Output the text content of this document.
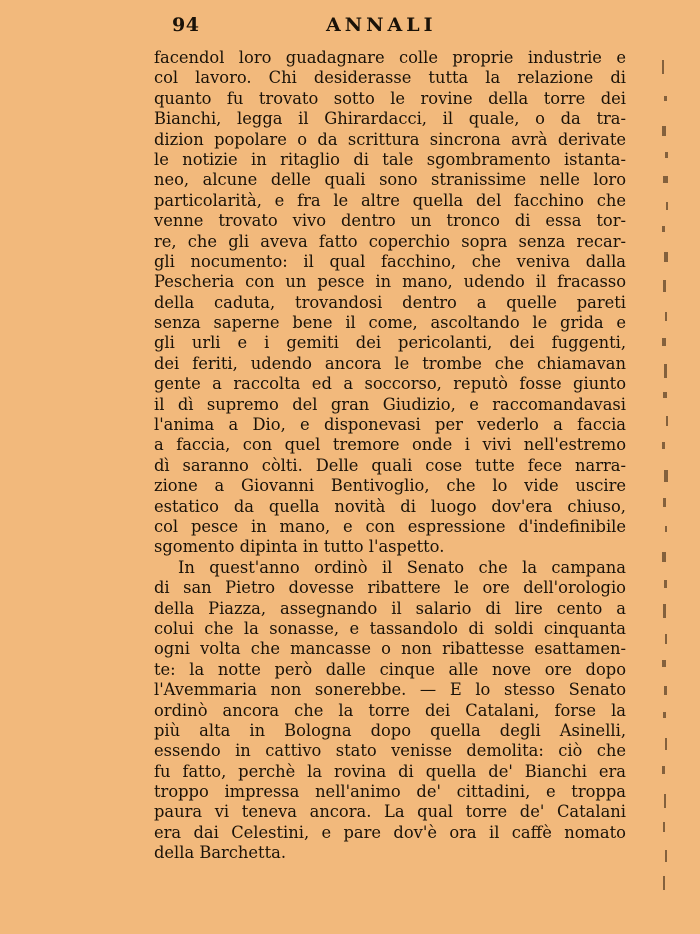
94	ANNALI
facendol loro guadagnare colle proprie industrie e
col lavoro. Chi desiderasse tutta la relazione di
quanto fu trovato sotto le rovine della torre dei
Bianchi, legga il Ghirardacci, il quale, o da tra-
dizion popolare o da scrittura sincrona avrà derivate
le notizie in ritaglio di tale sgombramento istanta-
neo, alcune delle quali sono stranissime nelle loro
particolarità, e fra le altre quella del facchino che
venne trovato vivo dentro un tronco di essa tor-
re, che gli aveva fatto coperchio sopra senza recar-
gli nocumento: il qual facchino, che veniva dalla
Pescheria con un pesce in mano, udendo il fracasso
della caduta, trovandosi dentro a quelle pareti
senza saperne bene il come, ascoltando le grida e
gli urli e i gemiti dei pericolanti, dei fuggenti,
dei feriti, udendo ancora le trombe che chiamavan
gente a raccolta ed a soccorso, reputò fosse giunto
il dì supremo del gran Giudizio, e raccomandavasi
l'anima a Dio, e disponevasi per vederlo a faccia
a faccia, con quel tremore onde i vivi nell'estremo
dì saranno còlti. Delle quali cose tutte fece narra-
zione a Giovanni Bentivoglio, che lo vide uscire
estatico da quella novità di luogo dov'era chiuso,
col pesce in mano, e con espressione d'indefinibile
sgomento dipinta in tutto l'aspetto.
In quest'anno ordinò il Senato che la campana
di san Pietro dovesse ribattere le ore dell'orologio
della Piazza, assegnando il salario di lire cento a
colui che la sonasse, e tassandolo di soldi cinquanta
ogni volta che mancasse o non ribattesse esattamen-
te: la notte però dalle cinque alle nove ore dopo
l'Avemmaria non sonerebbe. — E lo stesso Senato
ordinò ancora che la torre dei Catalani, forse la
più alta in Bologna dopo quella degli Asinelli,
essendo in cattivo stato venisse demolita: ciò che
fu fatto, perchè la rovina di quella de' Bianchi era
troppo impressa nell'animo de' cittadini, e troppa
paura vi teneva ancora. La qual torre de' Catalani
era dai Celestini, e pare dov'è ora il caffè nomato
della Barchetta.
